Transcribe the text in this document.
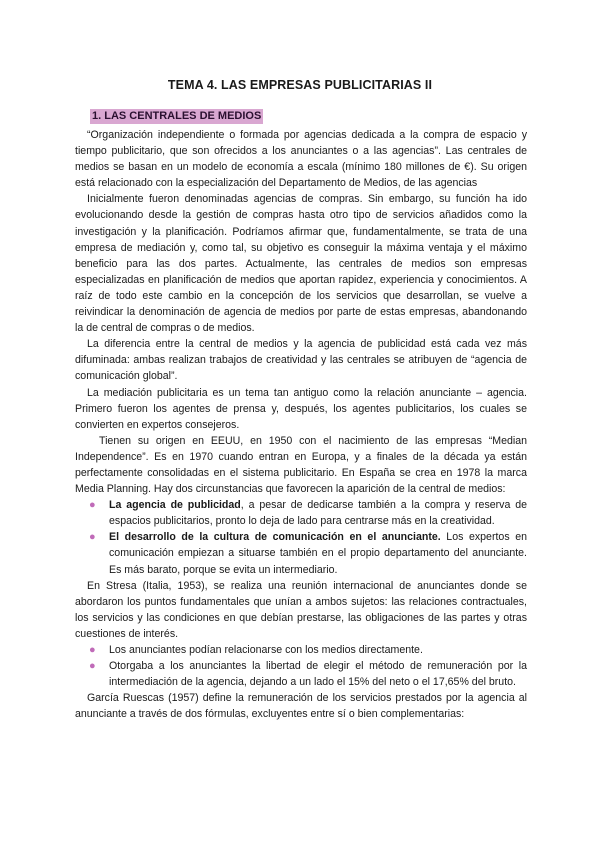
TEMA 4. LAS EMPRESAS PUBLICITARIAS II
1. LAS CENTRALES DE MEDIOS

“Organización independiente o formada por agencias dedicada a la compra de espacio y tiempo publicitario, que son ofrecidos a los anunciantes o a las agencias”. Las centrales de medios se basan en un modelo de economía a escala (mínimo 180 millones de €). Su origen está relacionado con la especialización del Departamento de Medios, de las agencias

Inicialmente fueron denominadas agencias de compras. Sin embargo, su función ha ido evolucionando desde la gestión de compras hasta otro tipo de servicios añadidos como la investigación y la planificación. Podríamos afirmar que, fundamentalmente, se trata de una empresa de mediación y, como tal, su objetivo es conseguir la máxima ventaja y el máximo beneficio para las dos partes. Actualmente, las centrales de medios son empresas especializadas en planificación de medios que aportan rapidez, experiencia y conocimientos. A raíz de todo este cambio en la concepción de los servicios que desarrollan, se vuelve a reivindicar la denominación de agencia de medios por parte de estas empresas, abandonando la de central de compras o de medios.

La diferencia entre la central de medios y la agencia de publicidad está cada vez más difuminada: ambas realizan trabajos de creatividad y las centrales se atribuyen de “agencia de comunicación global”.

La mediación publicitaria es un tema tan antiguo como la relación anunciante – agencia. Primero fueron los agentes de prensa y, después, los agentes publicitarios, los cuales se convierten en expertos consejeros.

Tienen su origen en EEUU, en 1950 con el nacimiento de las empresas “Median Independence”. Es en 1970 cuando entran en Europa, y a finales de la década ya están perfectamente consolidadas en el sistema publicitario. En España se crea en 1978 la marca Media Planning. Hay dos circunstancias que favorecen la aparición de la central de medios:

● La agencia de publicidad, a pesar de dedicarse también a la compra y reserva de espacios publicitarios, pronto lo deja de lado para centrarse más en la creatividad.
● El desarrollo de la cultura de comunicación en el anunciante. Los expertos en comunicación empiezan a situarse también en el propio departamento del anunciante. Es más barato, porque se evita un intermediario.

En Stresa (Italia, 1953), se realiza una reunión internacional de anunciantes donde se abordaron los puntos fundamentales que unían a ambos sujetos: las relaciones contractuales, los servicios y las condiciones en que debían prestarse, las obligaciones de las partes y otras cuestiones de interés.

● Los anunciantes podían relacionarse con los medios directamente.
● Otorgaba a los anunciantes la libertad de elegir el método de remuneración por la intermediación de la agencia, dejando a un lado el 15% del neto o el 17,65% del bruto.

García Ruescas (1957) define la remuneración de los servicios prestados por la agencia al anunciante a través de dos fórmulas, excluyentes entre sí o bien complementarias:
